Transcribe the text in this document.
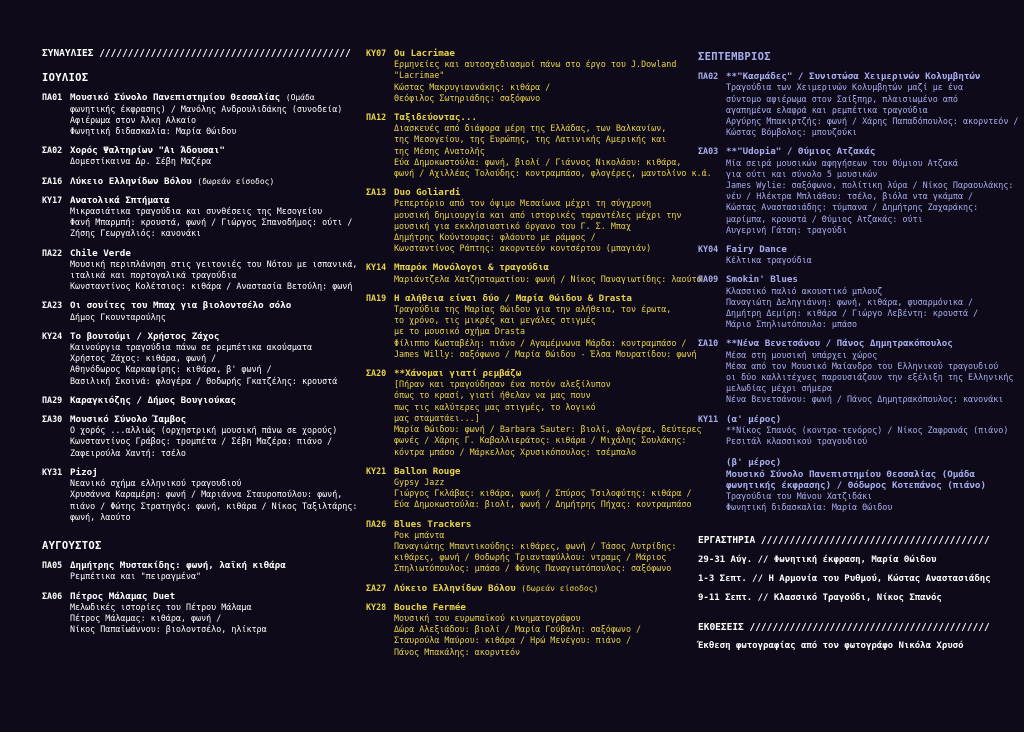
ΣΥΝΑΥΛΙΕΣ ////////////////////////////////////////////
ΙΟΥΛΙΟΣ
ΠΑ01 Μουσικό Σύνολο Πανεπιστημίου Θεσσαλίας (Ομάδα
φωνητικής έκφρασης) / Μανόλης Ανδρουλιδάκης (συνοδεία)
Αφιέρωμα στον Άλκη Αλκαίο
Φωνητική διδασκαλία: Μαρία Θώιδου
ΣΑ02 Χορός Ψαλτηρίων "Αι Άδουσαι"
Δομεστίκαινα Δρ. Σέβη Μαζέρα
ΣΑ16 Λύκειο Ελληνίδων Βόλου (δωρεάν είσοδος)
ΚΥ17 Ανατολικά Σπτήματα
Μικρασιάτικα τραγούδια και συνθέσεις της Μεσογείου
Φανή Μπαρμπή: κρουστά, φωνή / Γιώργος Σπανοδήμος: ούτι /
Ζήσης Γεωργαλιός: κανονάκι
ΠΑ22 Chile Verde
Μουσική περιπλάνηση στις γειτονιές του Νότου με ισπανικά,
ιταλικά και πορτογαλικά τραγούδια
Κωνσταντίνος Κολέτσιος: κιθάρα / Αναστασία Βετούλη: φωνή
ΣΑ23 Οι σουίτες του Μπαχ για βιολοντσέλο σόλο
Δήμος Γκουνταρούλης
ΚΥ24 Το βουτούμι / Χρήστος Ζάχος
Καινούργια τραγούδια πάνω σε ρεμπέτικα ακούσματα
Χρήστος Ζάχος: κιθάρα, φωνή /
Αθηνόδωρος Καρκαφίρης: κιθάρα, β' φωνή /
Βασιλική Σκοινά: φλογέρα / Θοδωρής Γκατζέλης: κρουστά
ΠΑ29 Καραγκιόζης / Δήμος Βουγιούκας
ΣΑ30 Μουσικό Σύνολο Ίαμβος
Ο χορός ...αλλιώς (ορχηστρική μουσική πάνω σε χορούς)
Κωνσταντίνος Γράβος: τρομπέτα / Σέβη Μαζέρα: πιάνο /
Ζαφειρούλα Χαντή: τσέλο
ΚΥ31 Pizoj
Νεανικό σχήμα ελληνικού τραγουδιού
Χρυσάννα Καραμέρη: φωνή / Μαριάννα Σταυροπούλου: φωνή,
πιάνο / Φώτης Στρατηγός: φωνή, κιθάρα / Νίκος Ταξιλτάρης:
φωνή, λαούτο
ΑΥΓΟΥΣΤΟΣ
ΠΑ05 Δημήτρης Μυστακίδης: φωνή, λαϊκή κιθάρα
Ρεμπέτικα και "πειραγμένα"
ΣΑ06 Πέτρος Μάλαμας Duet
Μελωδικές ιστορίες του Πέτρου Μάλαμα
Πέτρος Μάλαμας: κιθάρα, φωνή /
Νίκος Παπαϊωάννου: βιολοντσέλο, ηλίκτρα
ΚΥ07 Ou Lacrimae
Ερμηνείες και αυτοσχεδιασμοί πάνω στο έργο του J.Dowland
"Lacrimae"
Κώστας Μακρυγιαννάκης: κιθάρα /
Θεόφιλος Σωτηριάδης: σαξόφωνο
ΠΑ12 Ταξιδεύοντας...
Διασκευές από διάφορα μέρη της Ελλάδας, των Βαλκανίων,
της Μεσογείου, της Ευρώπης, της Λατινικής Αμερικής και
της Μέσης Ανατολής
Εύα Δημοκωστούλα: φωνή, βιολί / Γιάννος Νικολάου: κιθάρα,
φωνή / Αχιλλέας Τολούδης: κοντραμπάσο, φλογέρες, μαντολίνο κ.ά.
ΣΑ13 Duo Goliardi
Ρεπερτόριο από τον όψιμο Μεσαίωνα μέχρι τη σύγχρονη
μουσική δημιουργία και από ιστορικές ταραντέλες μέχρι την
μουσική για εκκλησιαστικό όργανο του Γ. Σ. Μπαχ
Δημήτρης Κούντουρας: φλάουτο με ράμφος /
Κωνσταντίνος Ράπτης: ακορντεόν κοντσέρτου (μπαγιάν)
ΚΥ14 Μπαρόκ Μονόλογοι & τραγούδια
Μαριάντζελα Χατζησταματίου: φωνή / Νίκος Παναγιωτίδης: λαούτο
ΠΑ19 Η αλήθεια είναι δύο / Μαρία Θώιδου & Drasta
Τραγούδια της Μαρίας Θώιδου για την αλήθεια, τον έρωτα,
το χρόνο, τις μικρές και μεγάλες στιγμές
με το μουσικό σχήμα Drasta
Φίλιππο Κωσταβέλη: πιάνο / Αγαμέμνωνα Μάρδα: κοντραμπάσο /
James Willy: σαξόφωνο / Μαρία Θώιδου - Έλσα Μουρατίδου: φωνή
ΣΑ20 **Χάνομαι γιατί ρεμβάζω
[Πήραν και τραγούδησαν ένα ποτόν αλεξίλυπον
όπως το κρασί, γιατί ήθελαν να μας πουν
πως τις καλύτερες μας στιγμές, το λογικό
μας σταματάει...]
Μαρία Θώιδου: φωνή / Barbara Sauter: βιολί, φλογέρα, δεύτερες
φωνές / Χάρης Γ. Καβαλλιεράτος: κιθάρα / Μιχάλης Σουλάκης:
κόντρα μπάσο / Μάρκελλος Χρυσικόπουλος: τσέμπαλο
ΚΥ21 Ballon Rouge
Gypsy Jazz
Γιώργος Γκλάβας: κιθάρα, φωνή / Σπύρος Τσιλοφύτης: κιθάρα /
Εύα Δημοκωστούλα: βιολί, φωνή / Δημήτρης Πήχας: κοντραμπάσο
ΠΑ26 Blues Trackers
Ροκ μπάντα
Παναγιώτης Μπαντικούδης: κιθάρες, φωνή / Τάσος Λυτρίδης:
κιθάρες, φωνή / Θοδωρής Τριανταφύλλου: ντραμς / Μάριος
Σπηλιωτόπουλος: μπάσο / Φάνης Παναγιωτόπουλος: σαξόφωνο
ΣΑ27 Λύκειο Ελληνίδων Βόλου (δωρεάν είσοδος)
ΚΥ28 Bouche Fermée
Μουσική του ευρωπαϊκού κινηματογράφου
Δώρα Αλεξιάδου: βιολί / Μαρία Γούβαλη: σαξόφωνο /
Σταυρούλα Μαύρου: κιθάρα / Ηρώ Μενέγου: πιάνο /
Πάνος Μπακάλης: ακορντεόν
ΣΕΠΤΕΜΒΡΙΟΣ
ΠΑ02 **"Κασμάδες" / Συνιστώσα Χειμερινών Κολυμβητών
Τραγούδια των Χειμερινών Κολυμβητών μαζί με ένα
σύντομο αφιέρωμα στον Σαίξπηρ, πλαισιωμένο από
αγαπημένα ελαφρά και ρεμπέτικα τραγούδια
Αργύρης Μπακιρτζής: φωνή / Χάρης Παπαδόπουλος: ακορντεόν /
Κώστας Βόμβολος: μπουζούκι
ΣΑ03 **"Udopia" / Θύμιος Ατζακάς
Μία σειρά μουσικών αφηγήσεων του Θύμιου Ατζακά
για ούτι και σύνολο 5 μουσικών
James Wylie: σαξόφωνο, πολίτικη λύρα / Νίκος Παραουλάκης:
νέυ / Ηλέκτρα Μπλιάθου: τσέλο, βιόλα ντα γκάμπα /
Κώστας Αναστασιάδης: τύμπανα / Δημήτρης Ζαχαράκης:
μαρίμπα, κρουστά / Θύμιος Ατζακάς: ούτι
Αυγερινή Γάτση: τραγούδι
ΚΥ04 Fairy Dance
Κέλτικα τραγούδια
ΠΑ09 Smokin' Blues
Κλασσικό παλιό ακουστικό μπλουζ
Παναγιώτη Δεληγιάννη: φωνή, κιθάρα, φυσαρμόνικα /
Δημήτρη Δεμίρη: κιθάρα / Γιώργο Λεβέντη: κρουστά /
Μάριο Σπηλιωτόπουλο: μπάσο
ΣΑ10 **Νένα Βενετσάνου / Πάνος Δημητρακόπουλος
Μέσα στη μουσική υπάρχει χώρος
Μέσα από τον Μουσικό Μαίανδρο του Ελληνικού τραγουδιού
οι δύο καλλιτέχνες παρουσιάζουν την εξέλιξη της Ελληνικής
μελωδίας μέχρι σήμερα
Νένα Βενετσάνου: φωνή / Πάνος Δημητρακόπουλος: κανονάκι
ΚΥ11 (α' μέρος)
**Νίκος Σπανός (κοντρα-τενόρος) / Νίκος Ζαφρανάς (πιάνο)
Ρεσιτάλ κλασσικού τραγουδιού
(β' μέρος)
Μουσικό Σύνολο Πανεπιστημίου Θεσσαλίας (Ομάδα
φωνητικής έκφρασης) / Θόδωρος Κοτεπάνος (πιάνο)
Τραγούδια του Μάνου Χατζιδάκι
Φωνητική διδασκαλία: Μαρία Θώιδου
ΕΡΓΑΣΤΗΡΙΑ ////////////////////////////////////////
29-31 Αύγ. // Φωνητική έκφραση, Μαρία Θώιδου
1-3 Σεπτ. // Η Αρμονία του Ρυθμού, Κώστας Αναστασιάδης
9-11 Σεπτ. // Κλασσικό Τραγούδι, Νίκος Σπανός
ΕΚΘΕΣΕΙΣ //////////////////////////////////////////
Έκθεση φωτογραφίας από τον φωτογράφο Νικόλα Χρυσό
